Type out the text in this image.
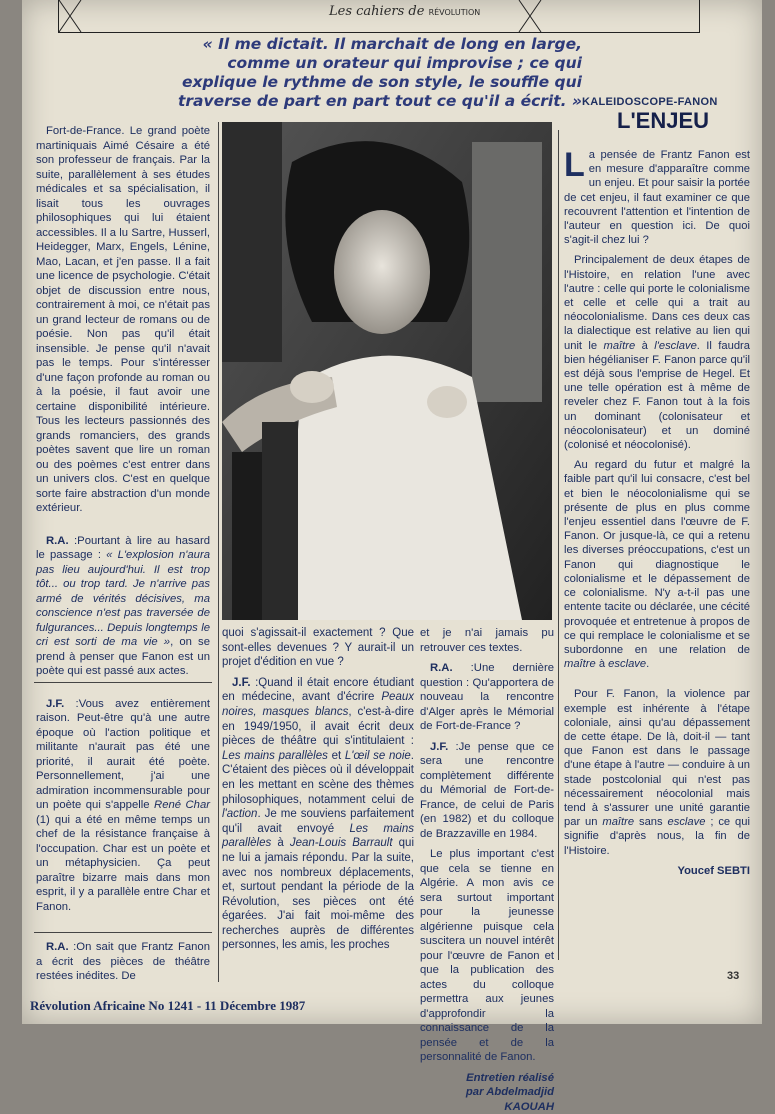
Les cahiers de RÉVOLUTION
« Il me dictait. Il marchait de long en large, comme un orateur qui improvise ; ce qui explique le rythme de son style, le souffle qui traverse de part en part tout ce qu'il a écrit. » KALEIDOSCOPE-FANON
L'ENJEU

Fort-de-France. Le grand poète martiniquais Aimé Césaire a été son professeur de français. Par la suite, parallèlement à ses études médicales et sa spécialisation, il lisait tous les ouvrages philosophiques qui lui étaient accessibles. Il a lu Sartre, Husserl, Heidegger, Marx, Engels, Lénine, Mao, Lacan, et j'en passe. Il a fait une licence de psychologie. C'était objet de discussion entre nous, contrairement à moi, ce n'était pas un grand lecteur de romans ou de poésie. Non pas qu'il était insensible. Je pense qu'il n'avait pas le temps. Pour s'intéresser d'une façon profonde au roman ou à la poésie, il faut avoir une certaine disponibilité intérieure. Tous les lecteurs passionnés des grands romanciers, des grands poètes savent que lire un roman ou des poèmes c'est entrer dans un univers clos. C'est en quelque sorte faire abstraction d'un monde extérieur.

R.A. :Pourtant à lire au hasard le passage : « L'explosion n'aura pas lieu aujourd'hui. Il est trop tôt... ou trop tard. Je n'arrive pas armé de vérités décisives, ma conscience n'est pas traversée de fulgurances... Depuis longtemps le cri est sorti de ma vie », on se prend à penser que Fanon est un poète qui est passé aux actes.

J.F. :Vous avez entièrement raison. Peut-être qu'à une autre époque où l'action politique et militante n'aurait pas été une priorité, il aurait été poète. Personnellement, j'ai une admiration incommensurable pour un poète qui s'appelle René Char (1) qui a été en même temps un chef de la résistance française à l'occupation. Char est un poète et un métaphysicien. Ça peut paraître bizarre mais dans mon esprit, il y a parallèle entre Char et Fanon.

R.A. :On sait que Frantz Fanon a écrit des pièces de théâtre restées inédites. De

quoi s'agissait-il exactement ? Que sont-elles devenues ? Y aurait-il un projet d'édition en vue ?

J.F. :Quand il était encore étudiant en médecine, avant d'écrire Peaux noires, masques blancs, c'est-à-dire en 1949/1950, il avait écrit deux pièces de théâtre qui s'intitulaient : Les mains parallèles et L'œil se noie. C'étaient des pièces où il développait en les mettant en scène des thèmes philosophiques, notamment celui de l'action. Je me souviens parfaitement qu'il avait envoyé Les mains parallèles à Jean-Louis Barrault qui ne lui a jamais répondu. Par la suite, avec nos nombreux déplacements, et, surtout pendant la période de la Révolution, ses pièces ont été égarées. J'ai fait moi-même des recherches auprès de différentes personnes, les amis, les proches

et je n'ai jamais pu retrouver ces textes.

R.A. :Une dernière question : Qu'apportera de nouveau la rencontre d'Alger après le Mémorial de Fort-de-France ?

J.F. :Je pense que ce sera une rencontre complètement différente du Mémorial de Fort-de-France, de celui de Paris (en 1982) et du colloque de Brazzaville en 1984.

Le plus important c'est que cela se tienne en Algérie. A mon avis ce sera surtout important pour la jeunesse algérienne puisque cela suscitera un nouvel intérêt pour l'œuvre de Fanon et que la publication des actes du colloque permettra aux jeunes d'approfondir la connaissance de la pensée et de la personnalité de Fanon.

Entretien réalisé
par Abdelmadjid KAOUAH

La pensée de Frantz Fanon est en mesure d'apparaître comme un enjeu. Et pour saisir la portée de cet enjeu, il faut examiner ce que recouvrent l'attention et l'intention de l'auteur en question ici. De quoi s'agit-il chez lui ?

Principalement de deux étapes de l'Histoire, en relation l'une avec l'autre : celle qui porte le colonialisme et celle et celle qui a trait au néocolonialisme. Dans ces deux cas la dialectique est relative au lien qui unit le maître à l'esclave. Il faudra bien hégélianiser F. Fanon parce qu'il est déjà sous l'emprise de Hegel. Et une telle opération est à même de reveler chez F. Fanon tout à la fois un dominant (colonisateur et néocolonisateur) et un dominé (colonisé et néocolonisé).

Au regard du futur et malgré la faible part qu'il lui consacre, c'est bel et bien le néocolonialisme qui se présente de plus en plus comme l'enjeu essentiel dans l'œuvre de F. Fanon. Or jusque-là, ce qui a retenu les diverses préoccupations, c'est un Fanon qui diagnostique le colonialisme et le dépassement de ce colonialisme. N'y a-t-il pas une entente tacite ou déclarée, une cécité provoquée et entretenue à propos de ce qui remplace le colonialisme et se subordonne en une relation de maître à esclave.

Pour F. Fanon, la violence par exemple est inhérente à l'étape coloniale, ainsi qu'au dépassement de cette étape. De là, doit-il — tant que Fanon est dans le passage d'une étape à l'autre — conduire à un stade postcolonial qui n'est pas nécessairement néocolonial mais tend à s'assurer une unité garantie par un maître sans esclave ; ce qui signifie d'après nous, la fin de l'Histoire.

Youcef SEBTI
Révolution Africaine No 1241 - 11 Décembre 1987
33
